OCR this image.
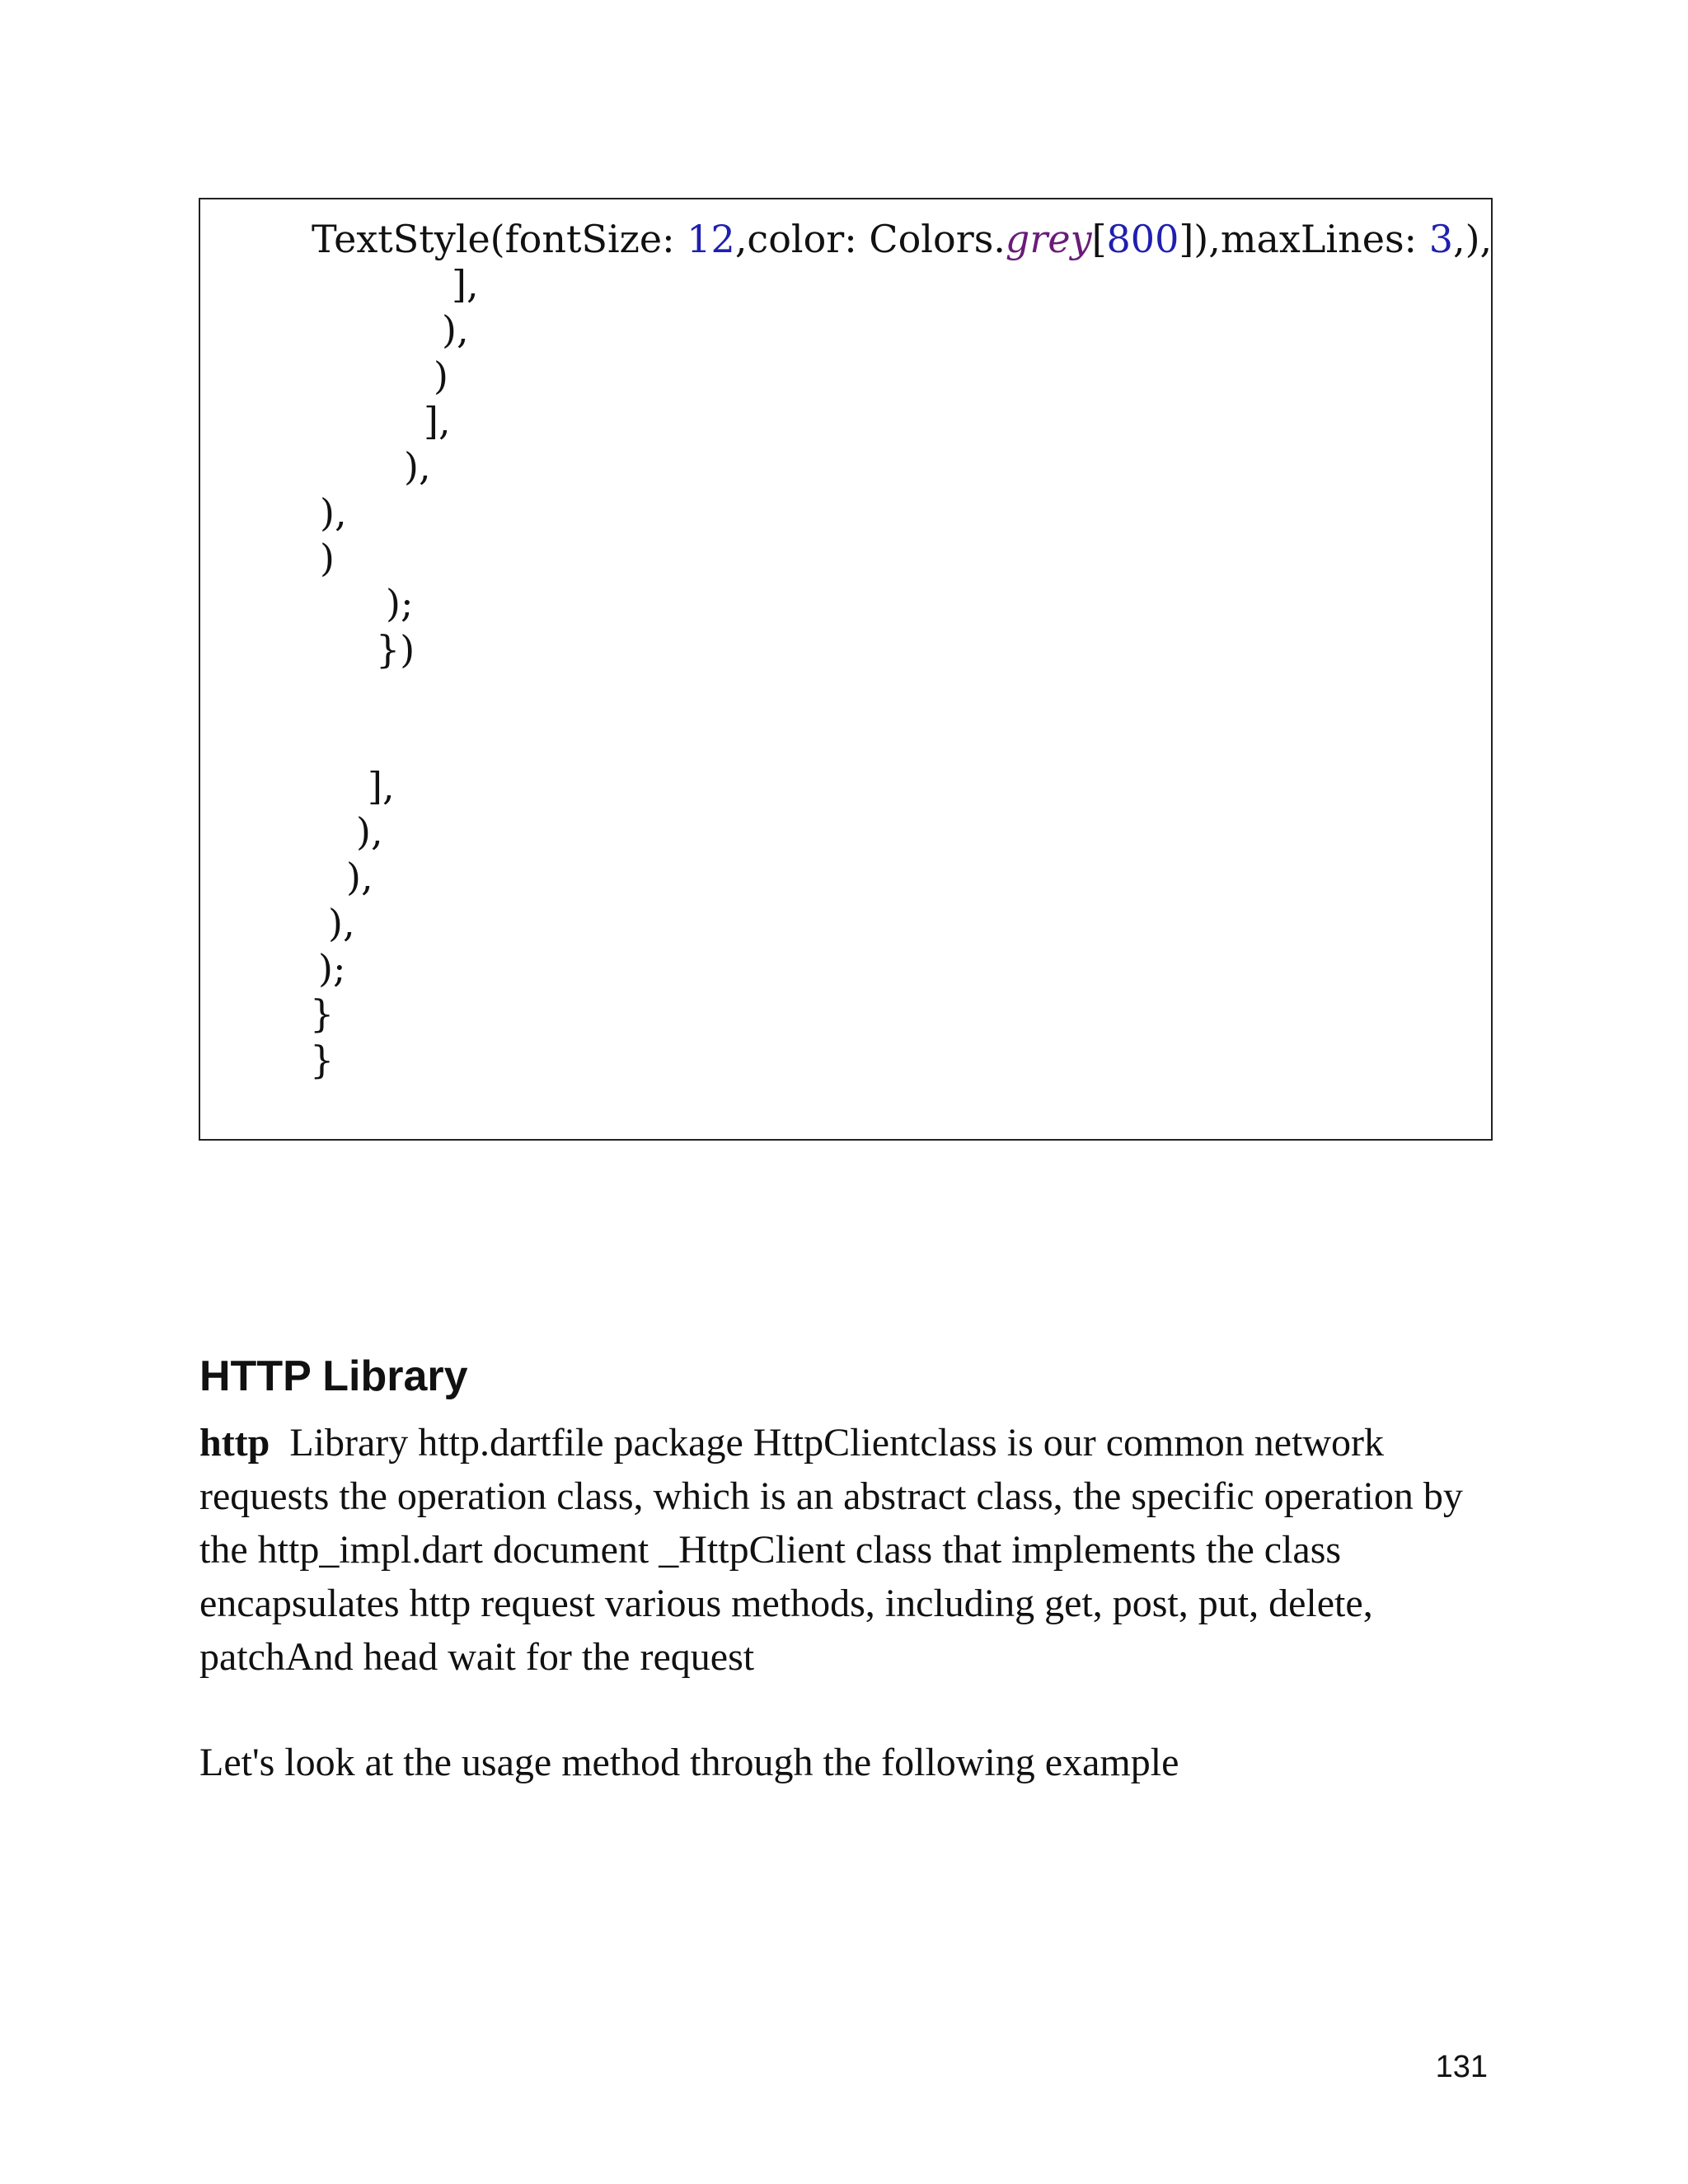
TextStyle(fontSize: 12,color: Colors.grey[800]),maxLines: 3,),
],
),
)
],
),
),
)
);
})
],
),
),
),
);
}
}
HTTP Library

http Library http.dartfile package HttpClientclass is our common network requests the operation class, which is an abstract class, the specific operation by the http_impl.dart document _HttpClient class that implements the class encapsulates http request various methods, including get, post, put, delete, patchAnd head wait for the request

Let's look at the usage method through the following example

131
